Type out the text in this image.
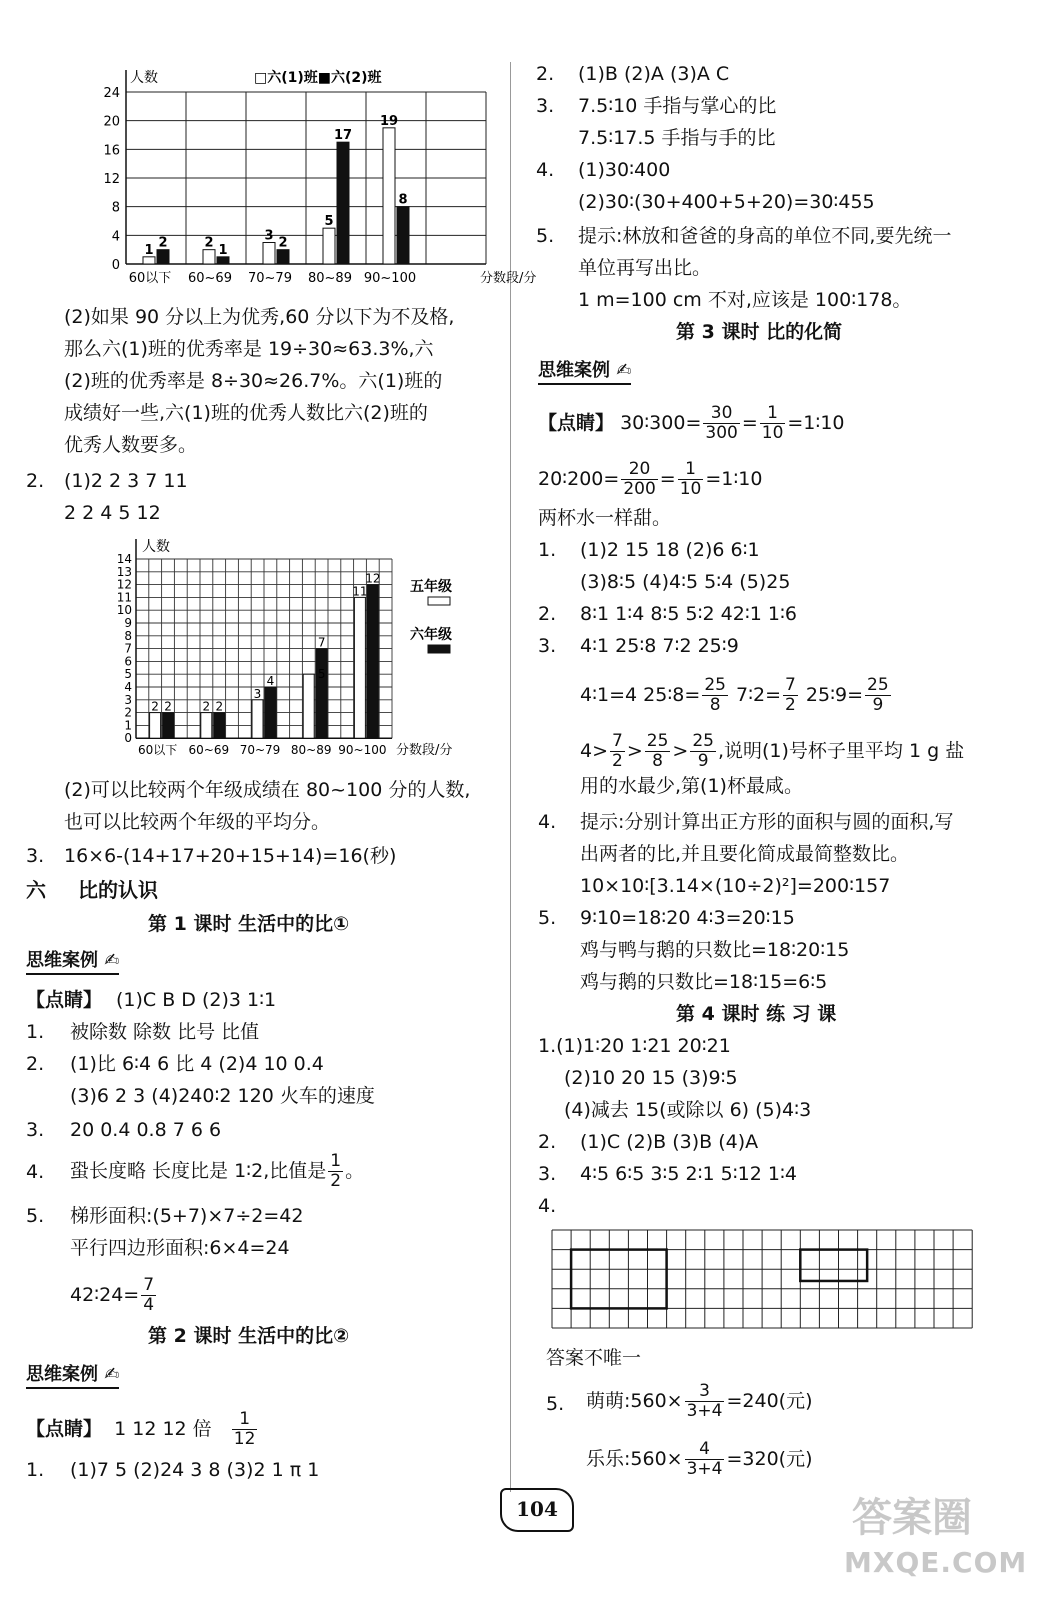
0
4
8
12
16
20
24
人数	□六(1)班■六(2)班
60以下
1 2
60~69
2 1
70~79
3 2
80~89
5
17
90~100
19
8
分数段/分
(2)如果 90 分以上为优秀,60 分以下为不及格,
那么六(1)班的优秀率是 19÷30≈63.3%,六
(2)班的优秀率是 8÷30≈26.7%。六(1)班的
成绩好一些,六(1)班的优秀人数比六(2)班的
优秀人数要多。
2. (1)2 2 3 7 11
2 2 4 5 12
人数
0
1
2
3
4
5
6
7
8
9
10
11
12
13
14
60以下
2 2
60~69
2 2
70~79
3
4
80~89
7
90~100
11
12
5
分数段/分
五年级
六年级
(2)可以比较两个年级成绩在 80~100 分的人数,
也可以比较两个年级的平均分。
3. 16×6-(14+17+20+15+14)=16(秒)
六 比的认识
第 1 课时 生活中的比①
思维案例 ✍
【点睛】 (1)C B D (2)3 1∶1
1. 被除数 除数 比号 比值
2. (1)比 6∶4 6 比 4 (2)4 10 0.4
(3)6 2 3 (4)240∶2 120 火车的速度
3. 20 0.4 0.8 7 6 6
4. 蛩长度略 长度比是 1∶2,比值是 $\frac{1}{2}$ 。
5. 梯形面积:(5+7)×7÷2=42
平行四边形面积:6×4=24
42∶24= $\frac{7}{4}$
第 2 课时 生活中的比②
思维案例 ✍
【点睛】 1 12 12 倍 $\frac{1}{12}$
1. (1)7 5 (2)24 3 8 (3)2 1 π 1
2. (1)B (2)A (3)A C
3. 7.5∶10 手指与掌心的比
7.5∶17.5 手指与手的比
4. (1)30∶400
(2)30∶(30+400+5+20)=30∶455
5. 提示:林放和爸爸的身高的单位不同,要先统一
单位再写出比。
1 m=100 cm 不对,应该是 100∶178。
第 3 课时 比的化简
思维案例 ✍
【点睛】 30∶300= $\frac{30}{300} = \frac{1}{10}$ =1∶10
20∶200= $\frac{20}{200} = \frac{1}{10}$ =1∶10
两杯水一样甜。
1. (1)2 15 18 (2)6 6∶1
(3)8∶5 (4)4∶5 5∶4 (5)25
2. 8∶1 1∶4 8∶5 5∶2 42∶1 1∶6
3. 4∶1 25∶8 7∶2 25∶9
4∶1=4 25∶8= $\frac{25}{8}$ 7∶2= $\frac{7}{2}$ 25∶9= $\frac{25}{9}$
$4> \frac{7}{2} > \frac{25}{8} > \frac{25}{9}$ ,说明(1)号杯子里平均 1 g 盐
用的水最少,第(1)杯最咸。
4. 提示:分别计算出正方形的面积与圆的面积,写
出两者的比,并且要化简成最简整数比。
10×10∶[3.14×(10÷2)²]=200∶157
5. 9∶10=18∶20 4∶3=20∶15
鸡与鸭与鹅的只数比=18∶20∶15
鸡与鹅的只数比=18∶15=6∶5
第 4 课时 练 习 课
1.(1)1∶20 1∶21 20∶21
(2)10 20 15 (3)9∶5
(4)减去 15(或除以 6) (5)4∶3
2. (1)C (2)B (3)B (4)A
3. 4∶5 6∶5 3∶5 2∶1 5∶12 1∶4
4.
答案不唯一
5. 萌萌:560× $\frac{3}{3+4} =240$(元)
乐乐:560× $\frac{4}{3+4} =320$(元)
104	答案圈
MXQE.COM
